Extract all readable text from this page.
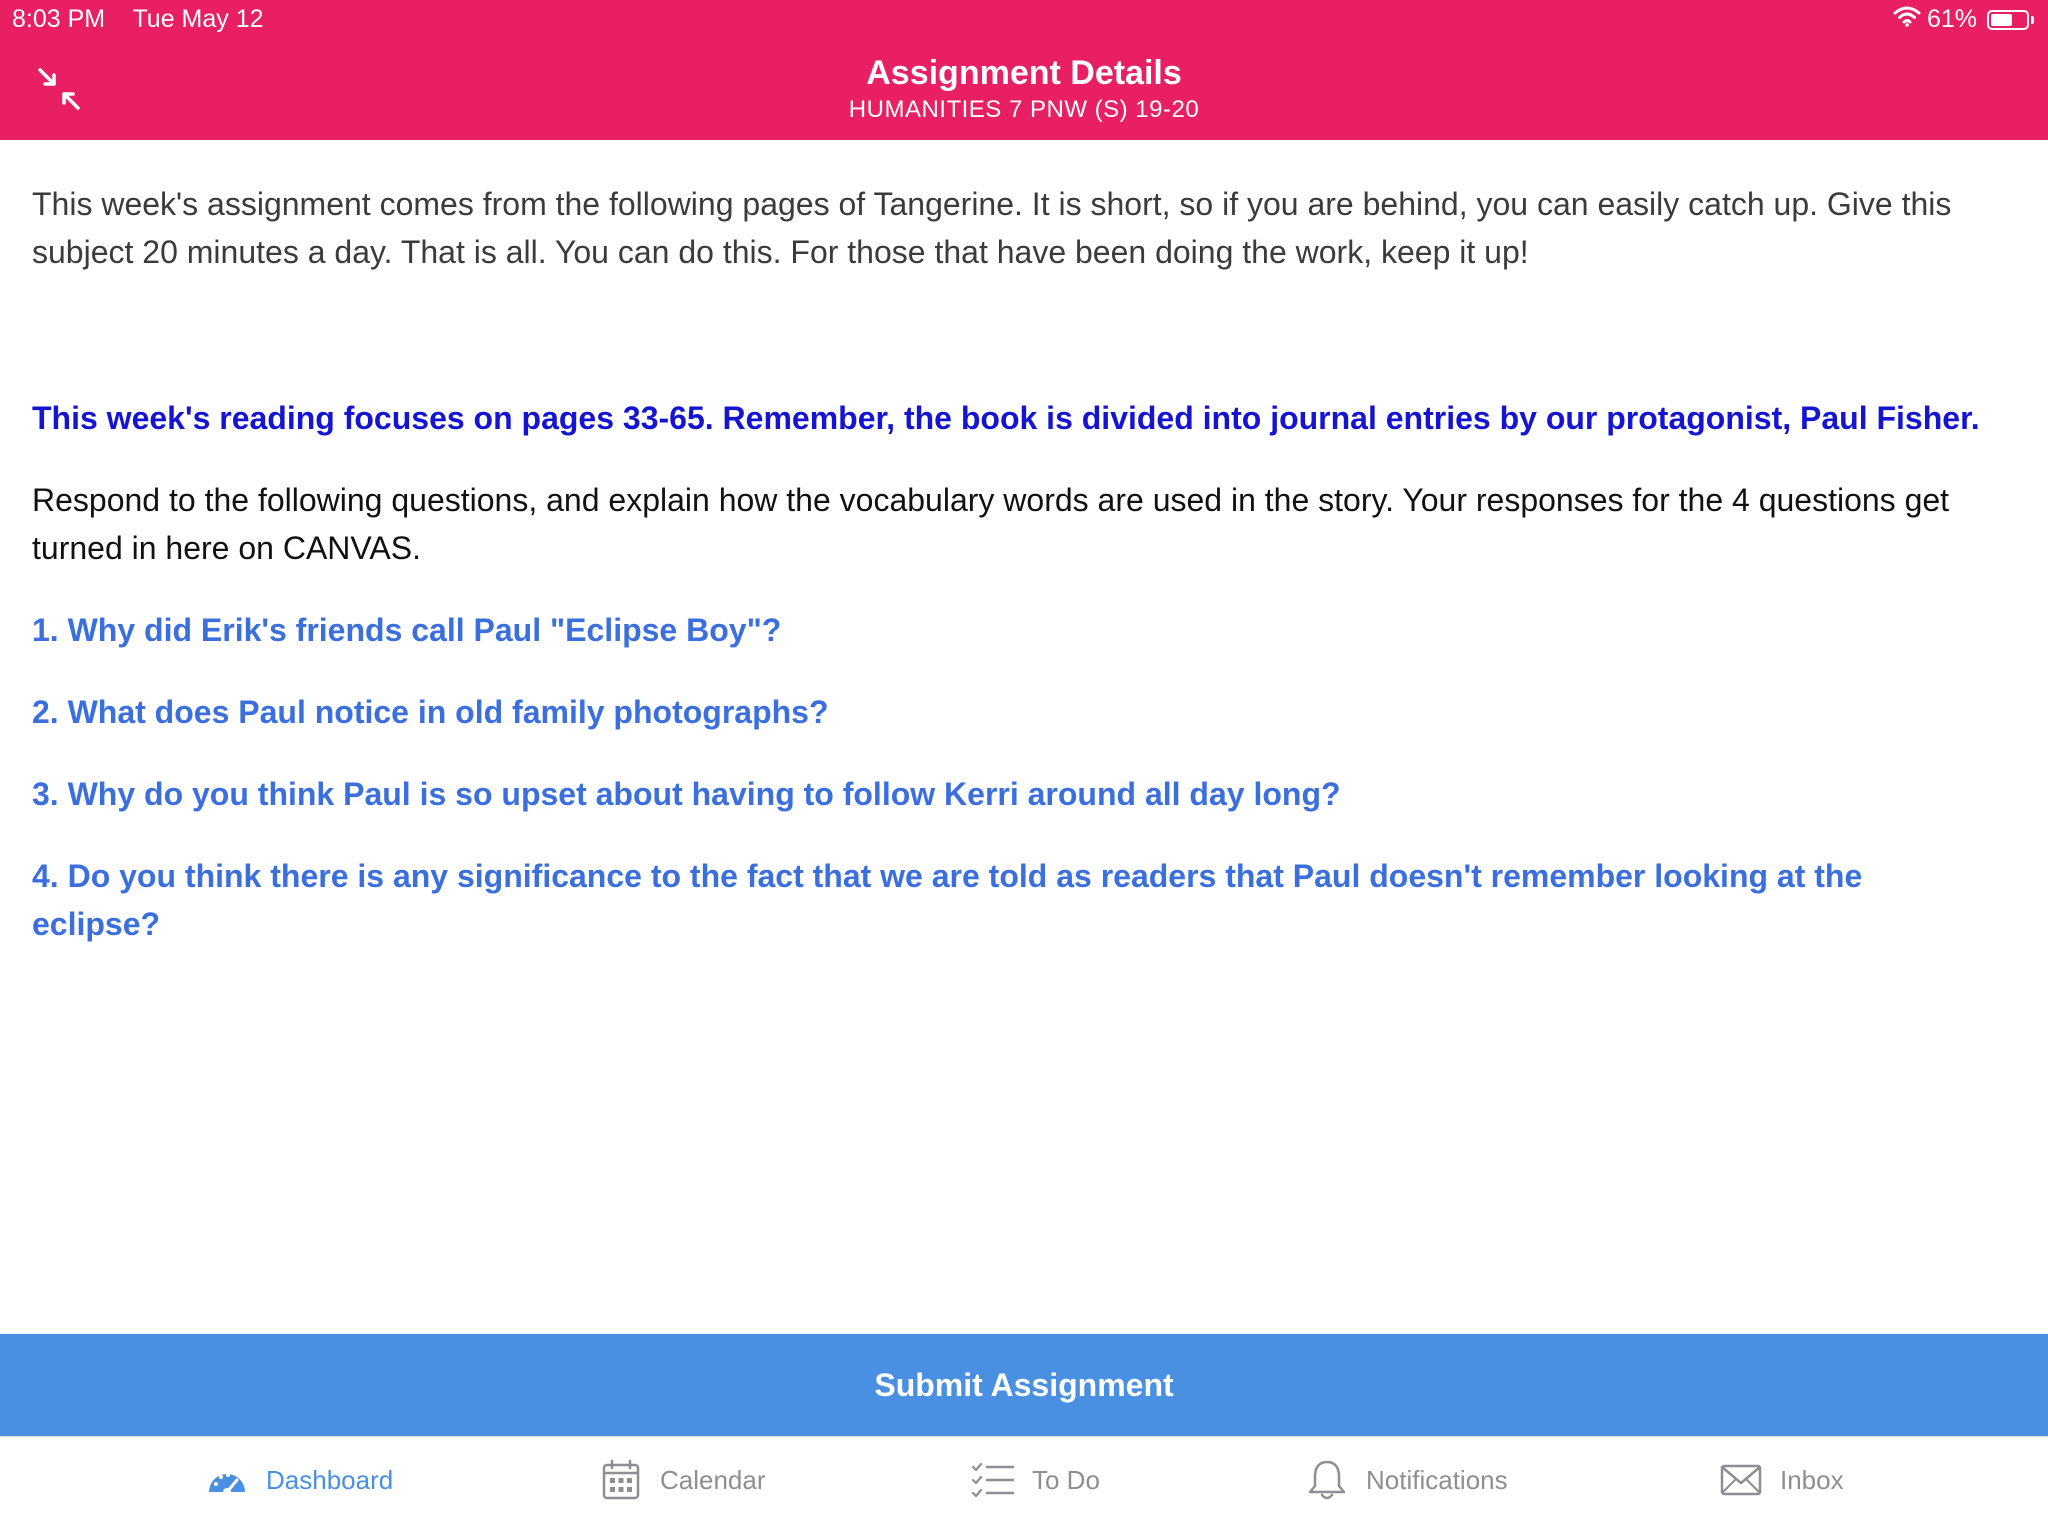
8:03 PM Tue May 12	61%
Assignment Details
HUMANITIES 7 PNW (S) 19-20

This week's assignment comes from the following pages of Tangerine. It is short, so if you are behind, you can easily catch up. Give this subject 20 minutes a day. That is all. You can do this. For those that have been doing the work, keep it up!

This week's reading focuses on pages 33-65. Remember, the book is divided into journal entries by our protagonist, Paul Fisher.

Respond to the following questions, and explain how the vocabulary words are used in the story. Your responses for the 4 questions get turned in here on CANVAS.

1. Why did Erik's friends call Paul "Eclipse Boy"?

2. What does Paul notice in old family photographs?

3. Why do you think Paul is so upset about having to follow Kerri around all day long?

4. Do you think there is any significance to the fact that we are told as readers that Paul doesn't remember looking at the eclipse?

Submit Assignment
Dashboard	Calendar	To Do	Notifications	Inbox
